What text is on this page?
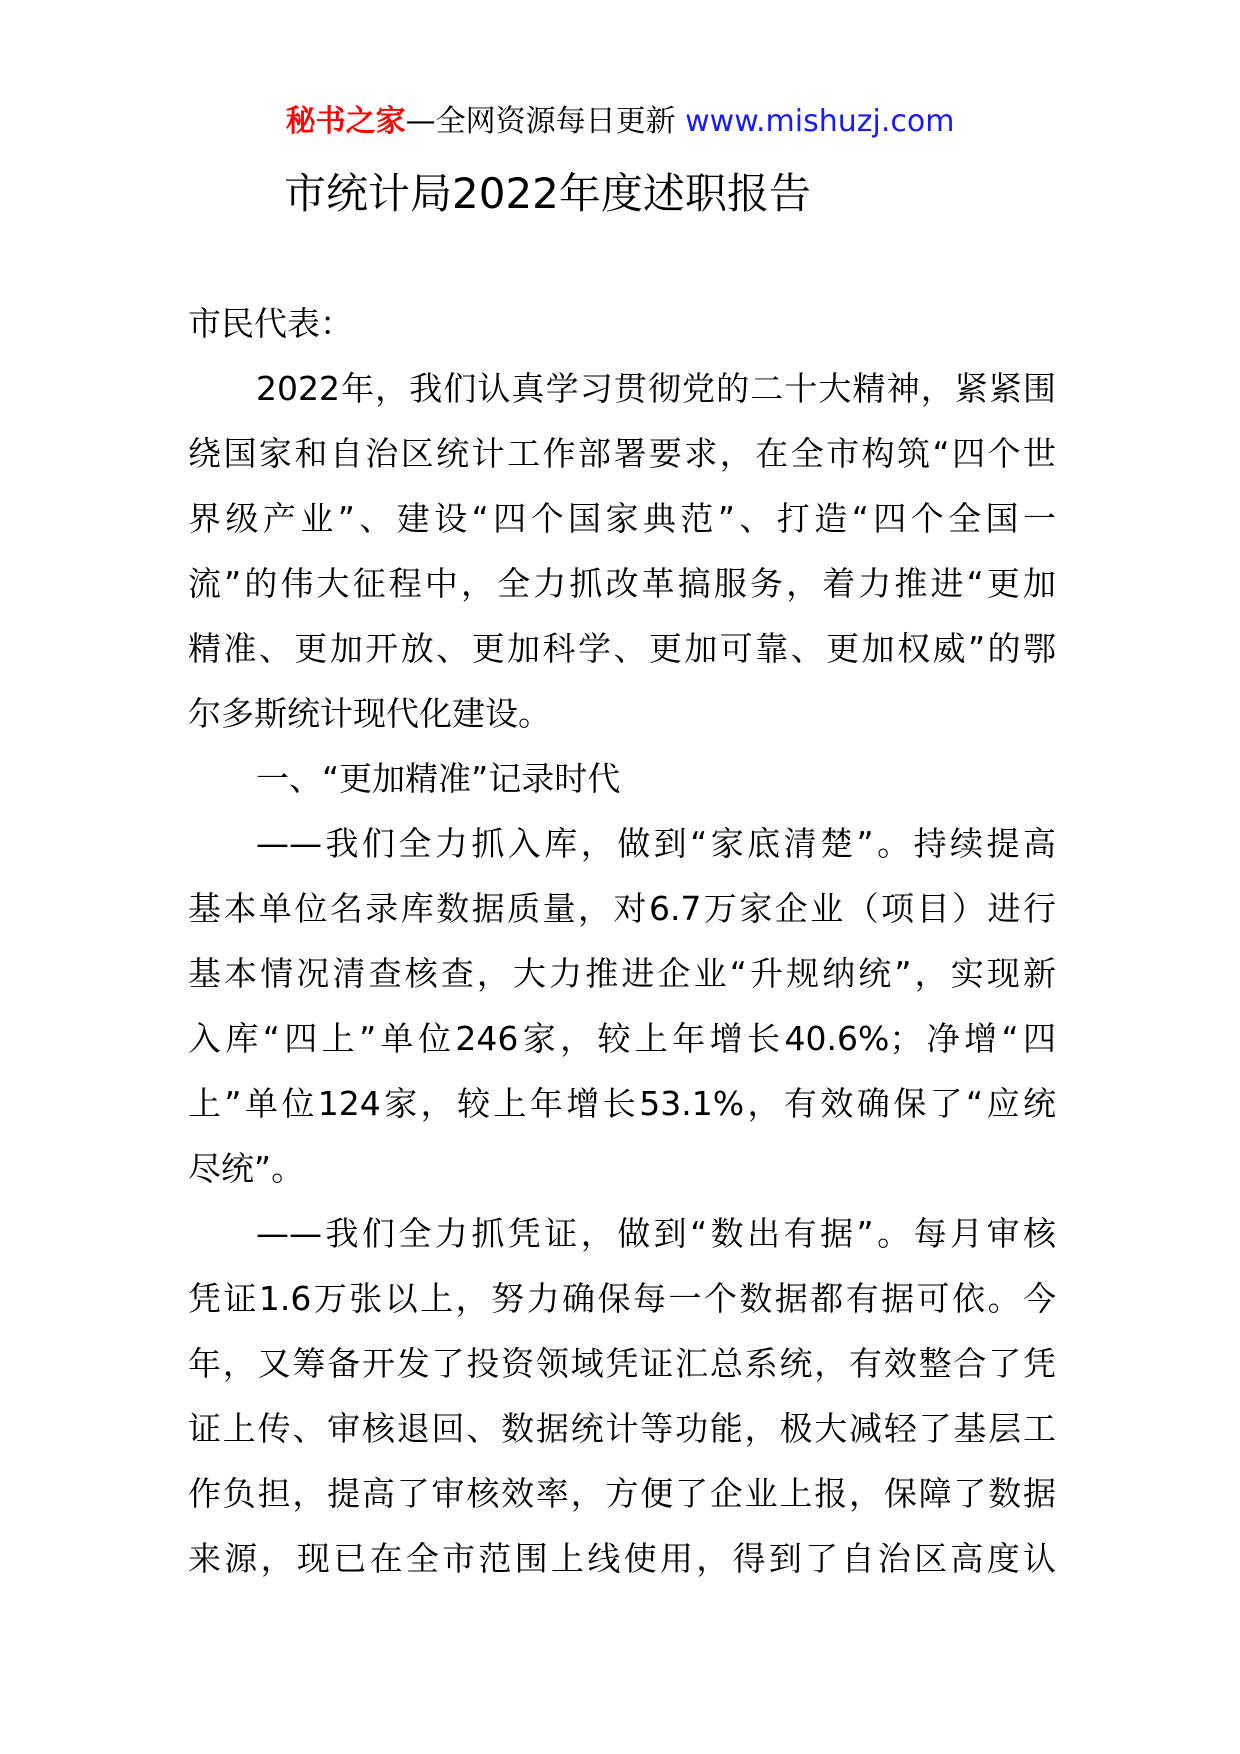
秘书之家—全网资源每日更新 www.mishuzj.com
市统计局2022年度述职报告
市民代表：
2022年，我们认真学习贯彻党的二十大精神，紧紧围
绕国家和自治区统计工作部署要求，在全市构筑“四个世
界级产业”、建设“四个国家典范”、打造“四个全国一
流”的伟大征程中，全力抓改革搞服务，着力推进“更加
精准、更加开放、更加科学、更加可靠、更加权威”的鄂
尔多斯统计现代化建设。
一、“更加精准”记录时代
——我们全力抓入库，做到“家底清楚”。持续提高
基本单位名录库数据质量，对6.7万家企业（项目）进行
基本情况清查核查，大力推进企业“升规纳统”，实现新
入库“四上”单位246家，较上年增长40.6%；净增“四
上”单位124家，较上年增长53.1%，有效确保了“应统
尽统”。
——我们全力抓凭证，做到“数出有据”。每月审核
凭证1.6万张以上，努力确保每一个数据都有据可依。今
年，又筹备开发了投资领域凭证汇总系统，有效整合了凭
证上传、审核退回、数据统计等功能，极大减轻了基层工
作负担，提高了审核效率，方便了企业上报，保障了数据
来源，现已在全市范围上线使用，得到了自治区高度认
